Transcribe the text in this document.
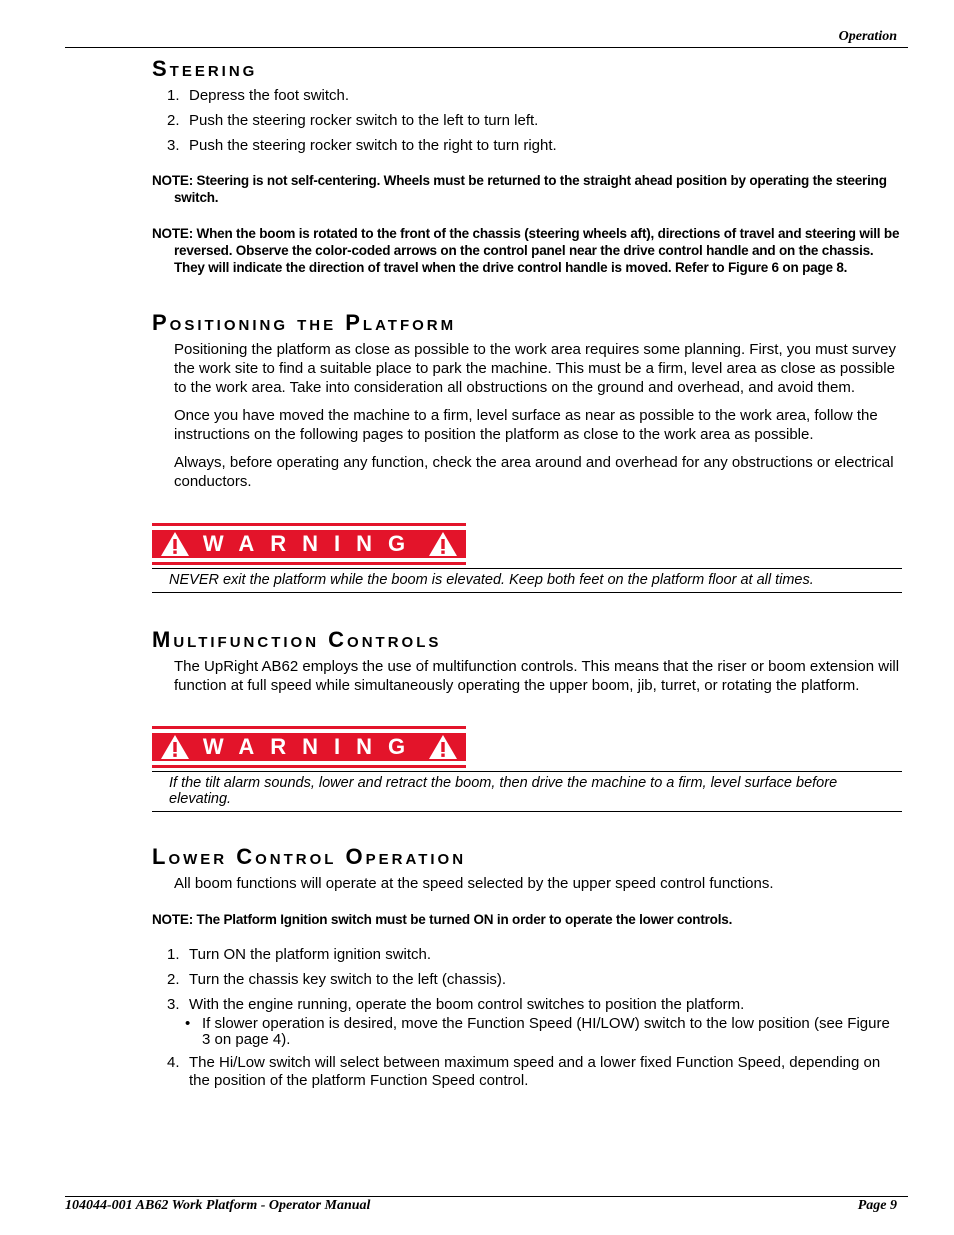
Operation
Steering
1. Depress the foot switch.
2. Push the steering rocker switch to the left to turn left.
3. Push the steering rocker switch to the right to turn right.
NOTE: Steering is not self-centering. Wheels must be returned to the straight ahead position by operating the steering switch.
NOTE: When the boom is rotated to the front of the chassis (steering wheels aft), directions of travel and steering will be reversed. Observe the color-coded arrows on the control panel near the drive control handle and on the chassis. They will indicate the direction of travel when the drive control handle is moved. Refer to Figure 6 on page 8.
Positioning the Platform

Positioning the platform as close as possible to the work area requires some planning. First, you must survey the work site to find a suitable place to park the machine. This must be a firm, level area as close as possible to the work area. Take into consideration all obstructions on the ground and overhead, and avoid them.

Once you have moved the machine to a firm, level surface as near as possible to the work area, follow the instructions on the following pages to position the platform as close to the work area as possible.

Always, before operating any function, check the area around and overhead for any obstructions or electrical conductors.

WARNING
NEVER exit the platform while the boom is elevated. Keep both feet on the platform floor at all times.
Multifunction Controls

The UpRight AB62 employs the use of multifunction controls. This means that the riser or boom extension will function at full speed while simultaneously operating the upper boom, jib, turret, or rotating the platform.

WARNING
If the tilt alarm sounds, lower and retract the boom, then drive the machine to a firm, level surface before elevating.
Lower Control Operation

All boom functions will operate at the speed selected by the upper speed control functions.

NOTE: The Platform Ignition switch must be turned ON in order to operate the lower controls.
1. Turn ON the platform ignition switch.
2. Turn the chassis key switch to the left (chassis).
3. With the engine running, operate the boom control switches to position the platform.
• If slower operation is desired, move the Function Speed (HI/LOW) switch to the low position (see Figure 3 on page 4).
4. The Hi/Low switch will select between maximum speed and a lower fixed Function Speed, depending on the position of the platform Function Speed control.
104044-001 AB62 Work Platform - Operator Manual	Page 9
